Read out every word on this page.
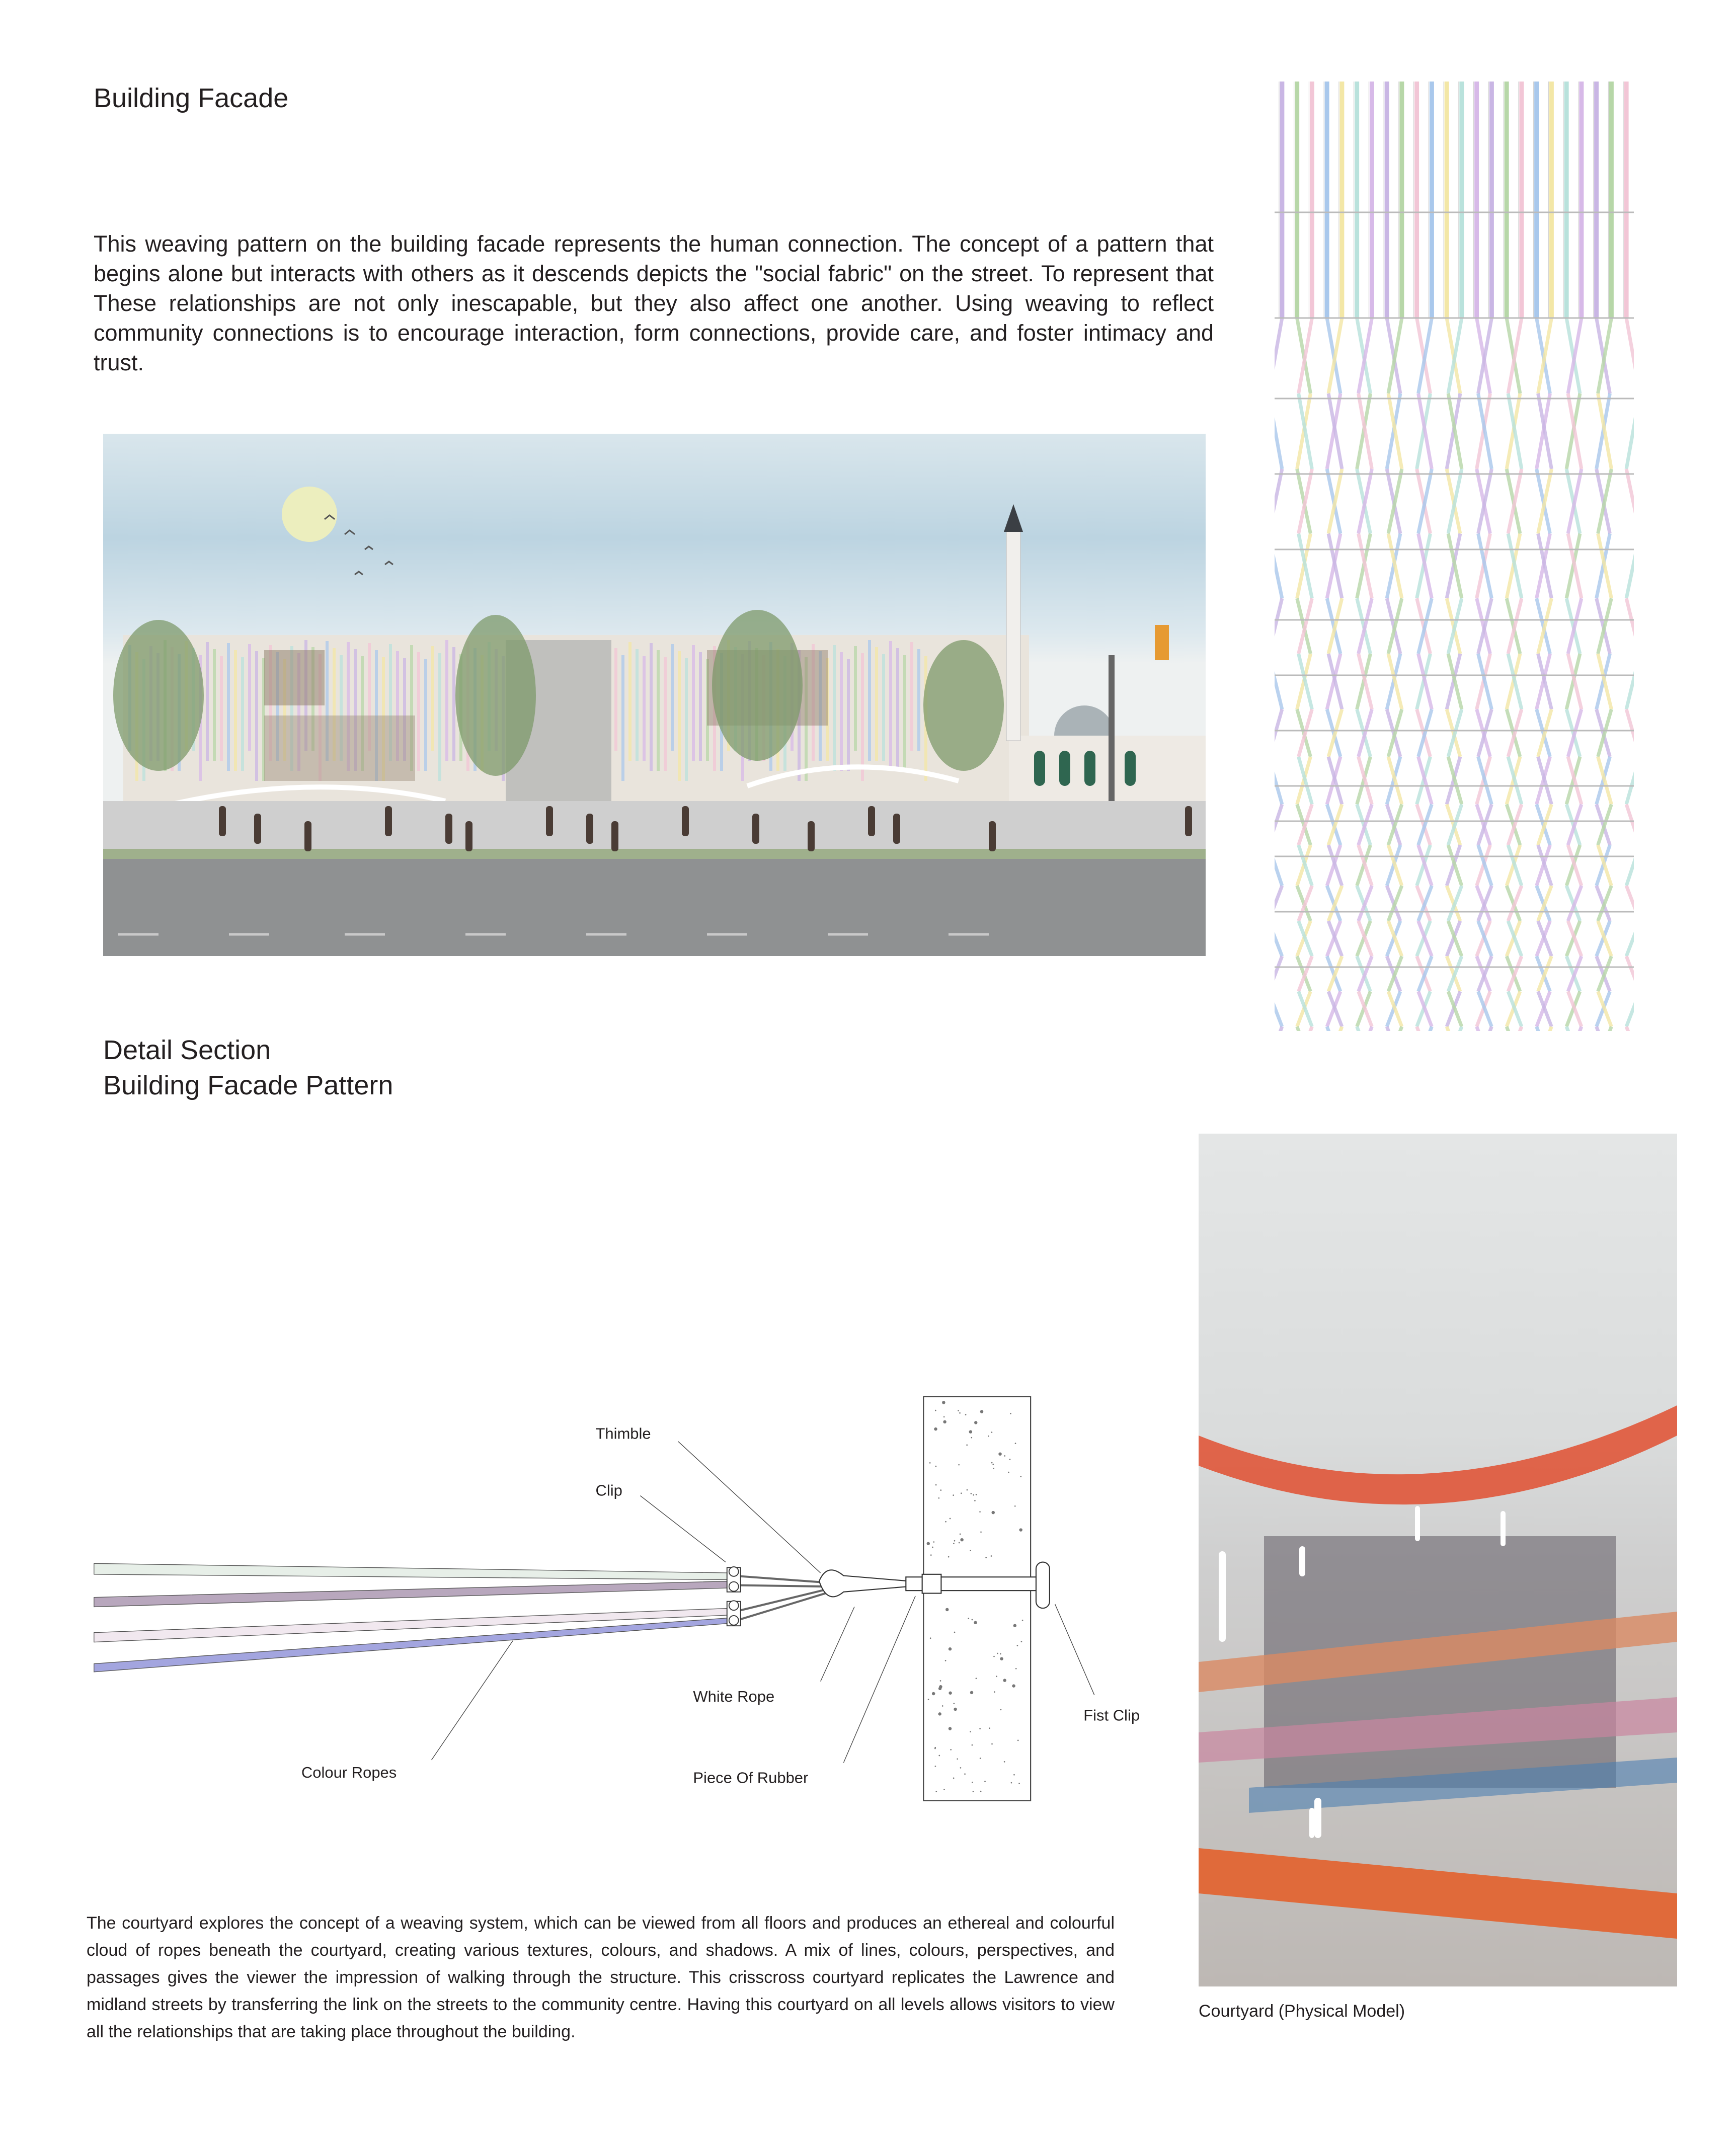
Building Facade

This weaving pattern on the building facade represents the human connection. The concept of a pattern that begins alone but interacts with others as it descends depicts the "social fabric" on the street. To represent that These relationships are not only inescapable, but they also affect one another. Using weaving to reflect community connections is to encourage interaction, form connections, provide care, and foster intimacy and trust.

Detail Section
Building Facade Pattern
Thimble
Clip
White Rope
Piece Of Rubber
Colour Ropes
Fist Clip
Courtyard (Physical Model)

The courtyard explores the concept of a weaving system, which can be viewed from all floors and produces an ethereal and colourful cloud of ropes beneath the courtyard, creating various textures, colours, and shadows. A mix of lines, colours, perspectives, and passages gives the viewer the impression of walking through the structure. This crisscross courtyard replicates the Lawrence and midland streets by transferring the link on the streets to the community centre. Having this courtyard on all levels allows visitors to view all the relationships that are taking place throughout the building.
